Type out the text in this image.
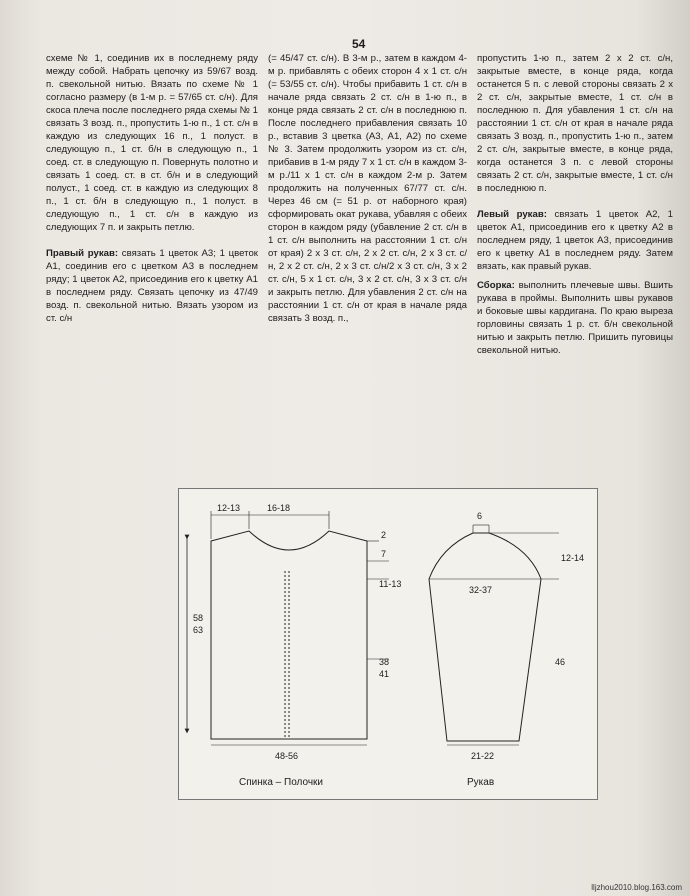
54

схеме № 1, соединив их в последнему ряду между собой. Набрать цепочку из 59/67 возд. п. свекольной нитью. Вязать по схеме № 1 согласно размеру (в 1-м р. = 57/65 ст. с/н). Для скоса плеча после последнего ряда схемы № 1 связать 3 возд. п., пропустить 1-ю п., 1 ст. с/н в каждую из следующих 16 п., 1 полуст. в следующую п., 1 ст. б/н в следующую п., 1 соед. ст. в следующую п. Повернуть полотно и связать 1 соед. ст. в ст. б/н и в следующий полуст., 1 соед. ст. в каждую из следующих 8 п., 1 ст. б/н в следующую п., 1 полуст. в следующую п., 1 ст. с/н в каждую из следующих 7 п. и закрыть петлю.

Правый рукав: связать 1 цветок А3; 1 цветок А1, соединив его с цветком А3 в последнем ряду; 1 цветок А2, присоединив его к цветку А1 в последнем ряду. Связать цепочку из 47/49 возд. п. свекольной нитью. Вязать узором из ст. с/н

(= 45/47 ст. с/н). В 3-м р., затем в каждом 4-м р. прибавлять с обеих сторон 4 х 1 ст. с/н (= 53/55 ст. с/н). Чтобы прибавить 1 ст. с/н в начале ряда связать 2 ст. с/н в 1-ю п., в конце ряда связать 2 ст. с/н в последнюю п. После последнего прибавления связать 10 р., вставив 3 цветка (А3, А1, А2) по схеме № 3. Затем продолжить узором из ст. с/н, прибавив в 1-м ряду 7 х 1 ст. с/н в каждом 3- м р./11 х 1 ст. с/н в каждом 2-м р. Затем продолжить на полученных 67/77 ст. с/н. Через 46 см (= 51 р. от наборного края) сформировать окат рукава, убавляя с обеих сторон в каждом ряду (убавление 2 ст. с/н в 1 ст. с/н выполнить на расстоянии 1 ст. с/н от края) 2 х 3 ст. с/н, 2 х 2 ст. с/н, 2 х 3 ст. с/н, 2 х 2 ст. с/н, 2 х 3 ст. с/н/2 х 3 ст. с/н, 3 х 2 ст. с/н, 5 х 1 ст. с/н, 3 х 2 ст. с/н, 3 х 3 ст. с/н и закрыть петлю. Для убавления 2 ст. с/н на расстоянии 1 ст. с/н от края в начале ряда связать 3 возд. п.,

пропустить 1-ю п., затем 2 х 2 ст. с/н, закрытые вместе, в конце ряда, когда останется 5 п. с левой стороны связать 2 х 2 ст. с/н, закрытые вместе, 1 ст. с/н в последнюю п. Для убавления 1 ст. с/н на расстоянии 1 ст. с/н от края в начале ряда связать 3 возд. п., пропустить 1-ю п., затем 2 ст. с/н, закрытые вместе, в конце ряда, когда останется 3 п. с левой стороны связать 2 ст. с/н, закрытые вместе, 1 ст. с/н в последнюю п.

Левый рукав: связать 1 цветок А2, 1 цветок А1, присоединив его к цветку А2 в последнем ряду, 1 цветок А3, присоединив его к цветку А1 в последнем ряду. Затем вязать, как правый рукав.

Сборка: выполнить плечевые швы. Вшить рукава в проймы. Выполнить швы рукавов и боковые швы кардигана. По краю выреза горловины связать 1 р. ст. б/н свекольной нитью и закрыть петлю. Пришить пуговицы свекольной нитью.

12-13	16-18
2
7
11-13
38
41
58
63
48-56
Спинка – Полочки
6
12-14
32-37
46
21-22
Рукав
lljzhou2010.blog.163.com
